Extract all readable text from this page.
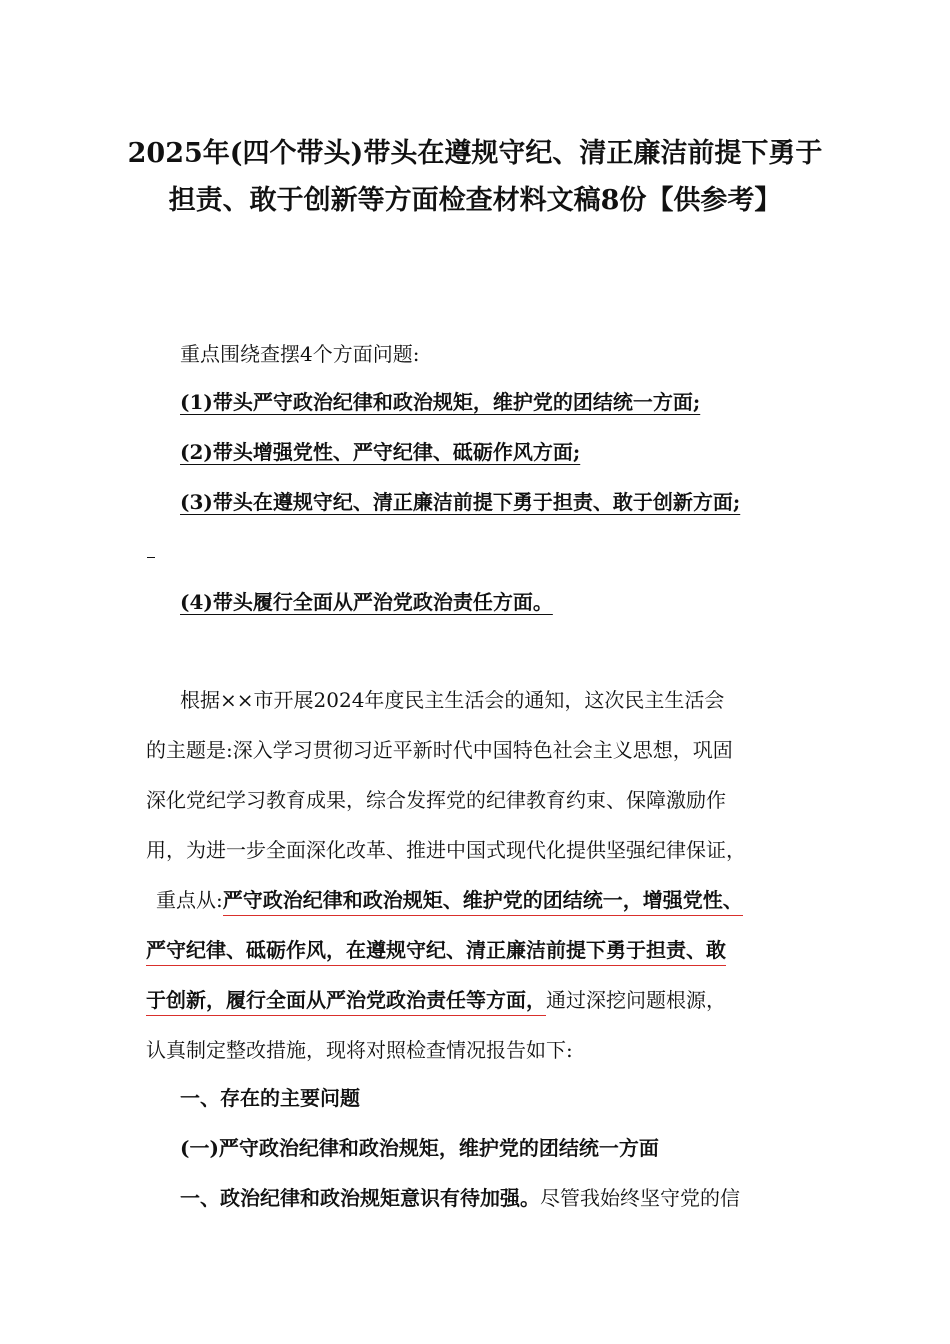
2025年(四个带头)带头在遵规守纪、清正廉洁前提下勇于担责、敢于创新等方面检查材料文稿8份【供参考】
重点围绕查摆4个方面问题:
(1)带头严守政治纪律和政治规矩，维护党的团结统一方面;
(2)带头增强党性、严守纪律、砥砺作风方面;
(3)带头在遵规守纪、清正廉洁前提下勇于担责、敢于创新方面;
(4)带头履行全面从严治党政治责任方面。
根据××市开展2024年度民主生活会的通知，这次民主生活会
的主题是:深入学习贯彻习近平新时代中国特色社会主义思想，巩固
深化党纪学习教育成果，综合发挥党的纪律教育约束、保障激励作
用，为进一步全面深化改革、推进中国式现代化提供坚强纪律保证，
重点从:严守政治纪律和政治规矩、维护党的团结统一，增强党性、
严守纪律、砥砺作风，在遵规守纪、清正廉洁前提下勇于担责、敢
于创新，履行全面从严治党政治责任等方面，通过深挖问题根源，
认真制定整改措施，现将对照检查情况报告如下:
一、存在的主要问题
(一)严守政治纪律和政治规矩，维护党的团结统一方面
一、政治纪律和政治规矩意识有待加强。尽管我始终坚守党的信
